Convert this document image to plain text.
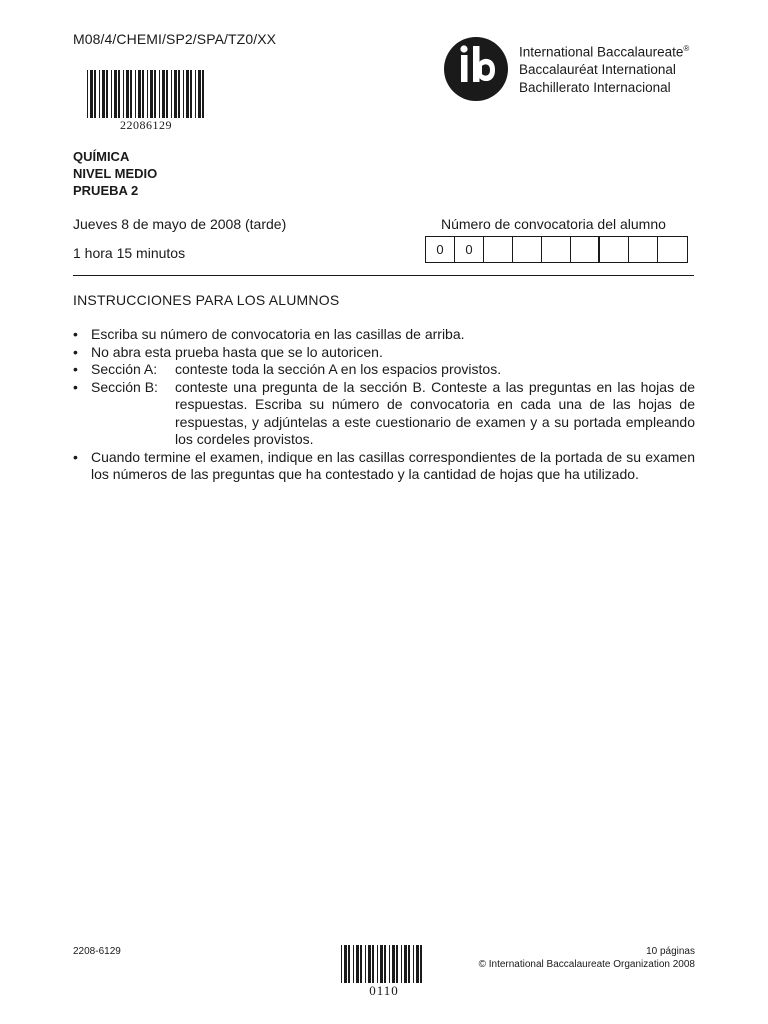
M08/4/CHEMI/SP2/SPA/TZ0/XX
22086129
International Baccalaureate®
Baccalauréat International
Bachillerato Internacional
QUÍMICA
NIVEL MEDIO
PRUEBA 2
Jueves 8 de mayo de 2008 (tarde)
1 hora 15 minutos
Número de convocatoria del alumno
0	0
INSTRUCCIONES PARA LOS ALUMNOS
• Escriba su número de convocatoria en las casillas de arriba.
• No abra esta prueba hasta que se lo autoricen.
• Sección A:	conteste toda la sección A en los espacios provistos.
• Sección B:	conteste una pregunta de la sección B. Conteste a las preguntas en las hojas de respuestas. Escriba su número de convocatoria en cada una de las hojas de respuestas, y adjúntelas a este cuestionario de examen y a su portada empleando los cordeles provistos.
• Cuando termine el examen, indique en las casillas correspondientes de la portada de su examen los números de las preguntas que ha contestado y la cantidad de hojas que ha utilizado.
2208-6129
0110
10 páginas
© International Baccalaureate Organization 2008
